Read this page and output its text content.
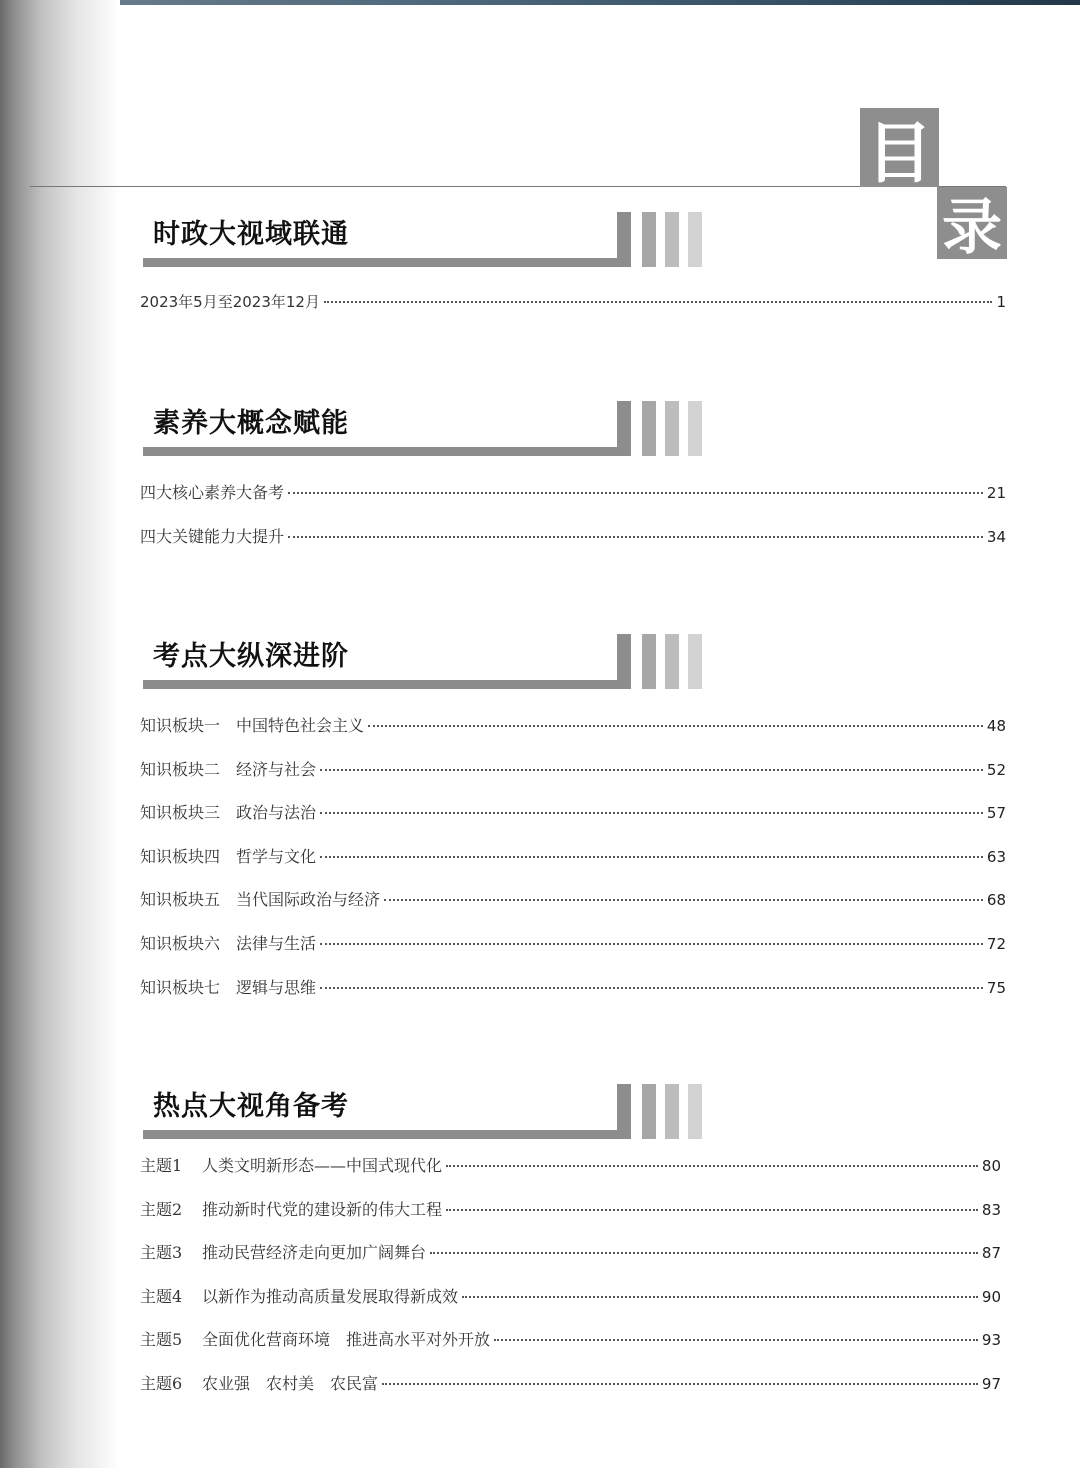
目
录
时政大视域联通
2023年5月至2023年12月	1
素养大概念赋能
四大核心素养大备考	21
四大关键能力大提升	34
考点大纵深进阶
知识板块一 中国特色社会主义	48
知识板块二 经济与社会	52
知识板块三 政治与法治	57
知识板块四 哲学与文化	63
知识板块五 当代国际政治与经济	68
知识板块六 法律与生活	72
知识板块七 逻辑与思维	75
热点大视角备考
主题1 人类文明新形态——中国式现代化	80
主题2 推动新时代党的建设新的伟大工程	83
主题3 推动民营经济走向更加广阔舞台	87
主题4 以新作为推动高质量发展取得新成效	90
主题5 全面优化营商环境　推进高水平对外开放	93
主题6 农业强　农村美　农民富	97
